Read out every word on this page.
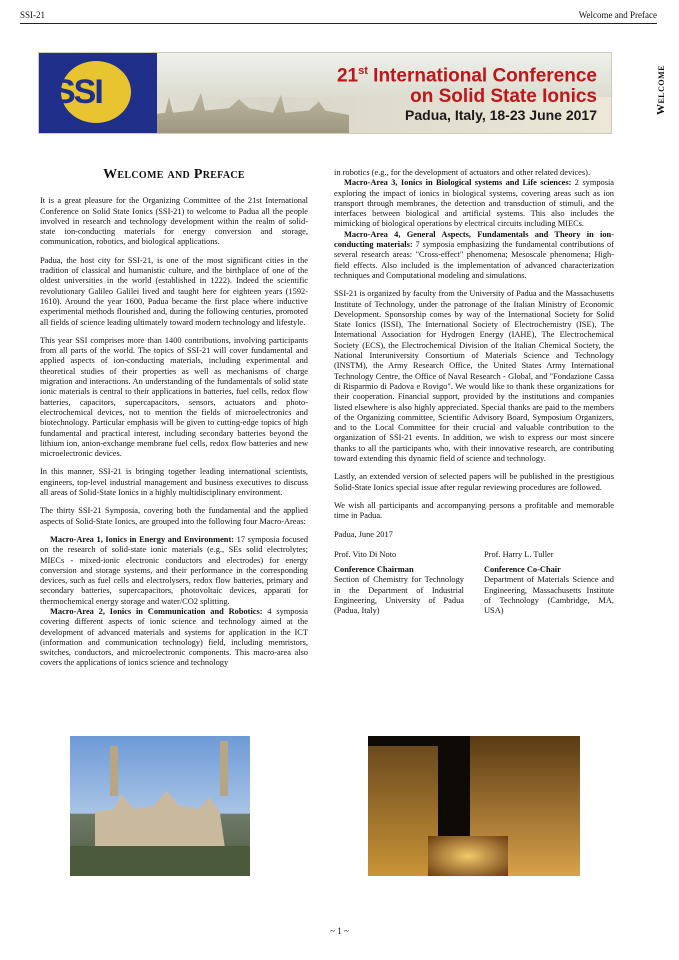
SSI-21	Welcome and Preface
Welcome
SSI	21st International Conference
on Solid State Ionics
Padua, Italy, 18-23 June 2017
Welcome and Preface

It is a great pleasure for the Organizing Committee of the 21st International Conference on Solid State Ionics (SSI-21) to welcome to Padua all the people involved in research and technology development within the realm of solid-state ion-conducting materials for energy conversion and storage, communication, robotics, and biological applications.

Padua, the host city for SSI-21, is one of the most significant cities in the tradition of classical and humanistic culture, and the birthplace of one of the oldest universities in the world (established in 1222). Indeed the scientific revolutionary Galileo Galilei lived and taught here for eighteen years (1592-1610). Around the year 1600, Padua became the first place where inductive experimental methods flourished and, during the following centuries, promoted all fields of science leading ultimately toward modern technology and lifestyle.

This year SSI comprises more than 1400 contributions, involving participants from all parts of the world. The topics of SSI-21 will cover fundamental and applied aspects of ion-conducting materials, including experimental and theoretical studies of their properties as well as mechanisms of charge migration and interactions. An understanding of the fundamentals of solid state ionic materials is central to their applications in batteries, fuel cells, redox flow batteries, capacitors, supercapacitors, sensors, actuators and photo-electrochemical devices, not to mention the fields of microelectronics and biotechnology. Particular emphasis will be given to cutting-edge topics of high fundamental and practical interest, including secondary batteries beyond the lithium ion, anion-exchange membrane fuel cells, redox flow batteries and new microelectronic devices.

In this manner, SSI-21 is bringing together leading international scientists, engineers, top-level industrial management and business executives to discuss all areas of Solid-State Ionics in a highly multidisciplinary environment.

The thirty SSI-21 Symposia, covering both the fundamental and the applied aspects of Solid-State Ionics, are grouped into the following four Macro-Areas:

Macro-Area 1, Ionics in Energy and Environment: 17 symposia focused on the research of solid-state ionic materials (e.g., SEs solid electrolytes; MIECs - mixed-ionic electronic conductors and electrodes) for energy conversion and storage systems, and their performance in the corresponding devices, such as fuel cells and electrolysers, redox flow batteries, primary and secondary batteries, supercapacitors, photovoltaic devices, apparati for thermochemical energy storage and water/CO2 splitting.

Macro-Area 2, Ionics in Communication and Robotics: 4 symposia covering different aspects of ionic science and technology aimed at the development of advanced materials and systems for application in the ICT (information and communication technology) field, including memristors, switches, conductors, and microelectronic components. This macro-area also covers the applications of ionics science and technology

in robotics (e.g., for the development of actuators and other related devices).

Macro-Area 3, Ionics in Biological systems and Life sciences: 2 symposia exploring the impact of ionics in biological systems, covering areas such as ion transport through membranes, the detection and transduction of stimuli, and the interfaces between biological and artificial systems. This also includes the mimicking of biological operations by electrical circuits including MIECs.

Macro-Area 4, General Aspects, Fundamentals and Theory in ion-conducting materials: 7 symposia emphasizing the fundamental contributions of several research areas: "Cross-effect" phenomena; Mesoscale phenomena; High-field effects. Also included is the implementation of advanced characterization techniques and Computational modeling and simulations.

SSI-21 is organized by faculty from the University of Padua and the Massachusetts Institute of Technology, under the patronage of the Italian Ministry of Economic Development. Sponsorship comes by way of the International Society for Solid State Ionics (ISSI), The International Society of Electrochemistry (ISE), The International Association for Hydrogen Energy (IAHE), The Electrochemical Society (ECS), the Electrochemical Division of the Italian Chemical Society, the National Interuniversity Consortium of Materials Science and Technology (INSTM), the Army Research Office, the United States Army International Technology Centre, the Office of Naval Research - Global, and "Fondazione Cassa di Risparmio di Padova e Rovigo". We would like to thank these organizations for their cooperation. Financial support, provided by the institutions and companies listed elsewhere is also highly appreciated. Special thanks are paid to the members of the Organizing committee, Scientific Advisory Board, Symposium Organizers, and to the Local Committee for their crucial and valuable contribution to the organization of SSI-21 events. In addition, we wish to express our most sincere thanks to all the participants who, with their innovative research, are contributing toward extending this dynamic field of science and technology.

Lastly, an extended version of selected papers will be published in the prestigious Solid-State Ionics special issue after regular reviewing procedures are followed.

We wish all participants and accompanying persons a profitable and memorable time in Padua.

Padua, June 2017

Prof. Vito Di Noto
Conference Chairman
Section of Chemistry for Technology in the Department of Industrial Engineering, University of Padua (Padua, Italy)
Prof. Harry L. Tuller
Conference Co-Chair
Department of Materials Science and Engineering, Massachusetts Institute of Technology (Cambridge, MA, USA)
~ 1 ~
